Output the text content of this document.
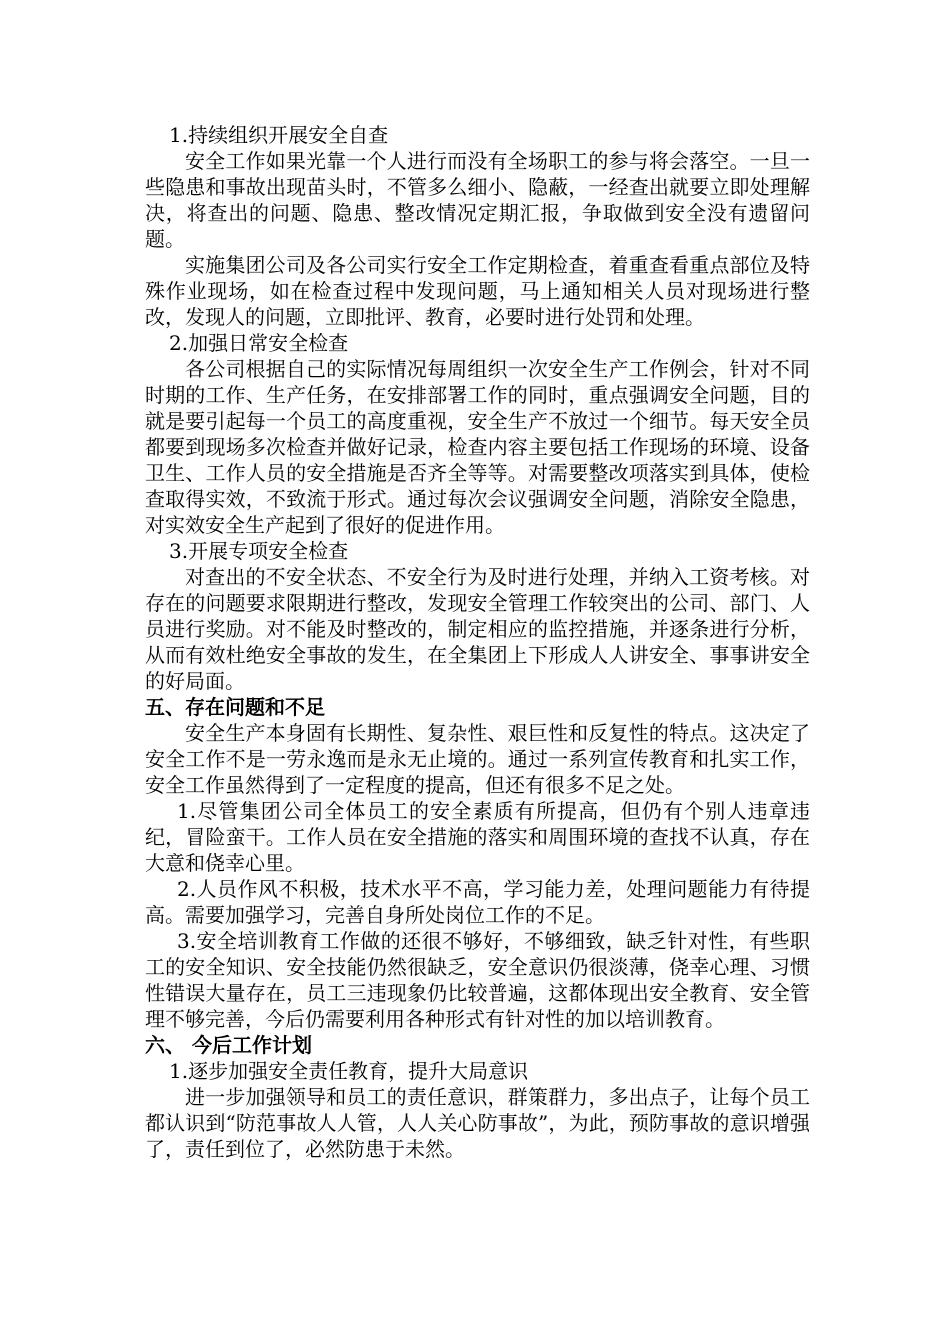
1.持续组织开展安全自查

安全工作如果光靠一个人进行而没有全场职工的参与将会落空。一旦一些隐患和事故出现苗头时，不管多么细小、隐蔽，一经查出就要立即处理解决，将查出的问题、隐患、整改情况定期汇报，争取做到安全没有遗留问题。

实施集团公司及各公司实行安全工作定期检查，着重查看重点部位及特殊作业现场，如在检查过程中发现问题，马上通知相关人员对现场进行整改，发现人的问题，立即批评、教育，必要时进行处罚和处理。

2.加强日常安全检查

各公司根据自己的实际情况每周组织一次安全生产工作例会，针对不同时期的工作、生产任务，在安排部署工作的同时，重点强调安全问题，目的就是要引起每一个员工的高度重视，安全生产不放过一个细节。每天安全员都要到现场多次检查并做好记录，检查内容主要包括工作现场的环境、设备卫生、工作人员的安全措施是否齐全等等。对需要整改项落实到具体，使检查取得实效，不致流于形式。通过每次会议强调安全问题，消除安全隐患，对实效安全生产起到了很好的促进作用。

3.开展专项安全检查

对查出的不安全状态、不安全行为及时进行处理，并纳入工资考核。对存在的问题要求限期进行整改，发现安全管理工作较突出的公司、部门、人员进行奖励。对不能及时整改的，制定相应的监控措施，并逐条进行分析，从而有效杜绝安全事故的发生，在全集团上下形成人人讲安全、事事讲安全的好局面。

五、存在问题和不足

安全生产本身固有长期性、复杂性、艰巨性和反复性的特点。这决定了安全工作不是一劳永逸而是永无止境的。通过一系列宣传教育和扎实工作，安全工作虽然得到了一定程度的提高，但还有很多不足之处。

1.尽管集团公司全体员工的安全素质有所提高，但仍有个别人违章违纪，冒险蛮干。工作人员在安全措施的落实和周围环境的查找不认真，存在大意和侥幸心里。

2.人员作风不积极，技术水平不高，学习能力差，处理问题能力有待提高。需要加强学习，完善自身所处岗位工作的不足。

3.安全培训教育工作做的还很不够好，不够细致，缺乏针对性，有些职工的安全知识、安全技能仍然很缺乏，安全意识仍很淡薄，侥幸心理、习惯性错误大量存在，员工三违现象仍比较普遍，这都体现出安全教育、安全管理不够完善，今后仍需要利用各种形式有针对性的加以培训教育。

六、 今后工作计划

1.逐步加强安全责任教育，提升大局意识

进一步加强领导和员工的责任意识，群策群力，多出点子，让每个员工都认识到“防范事故人人管，人人关心防事故”，为此，预防事故的意识增强了，责任到位了，必然防患于未然。
